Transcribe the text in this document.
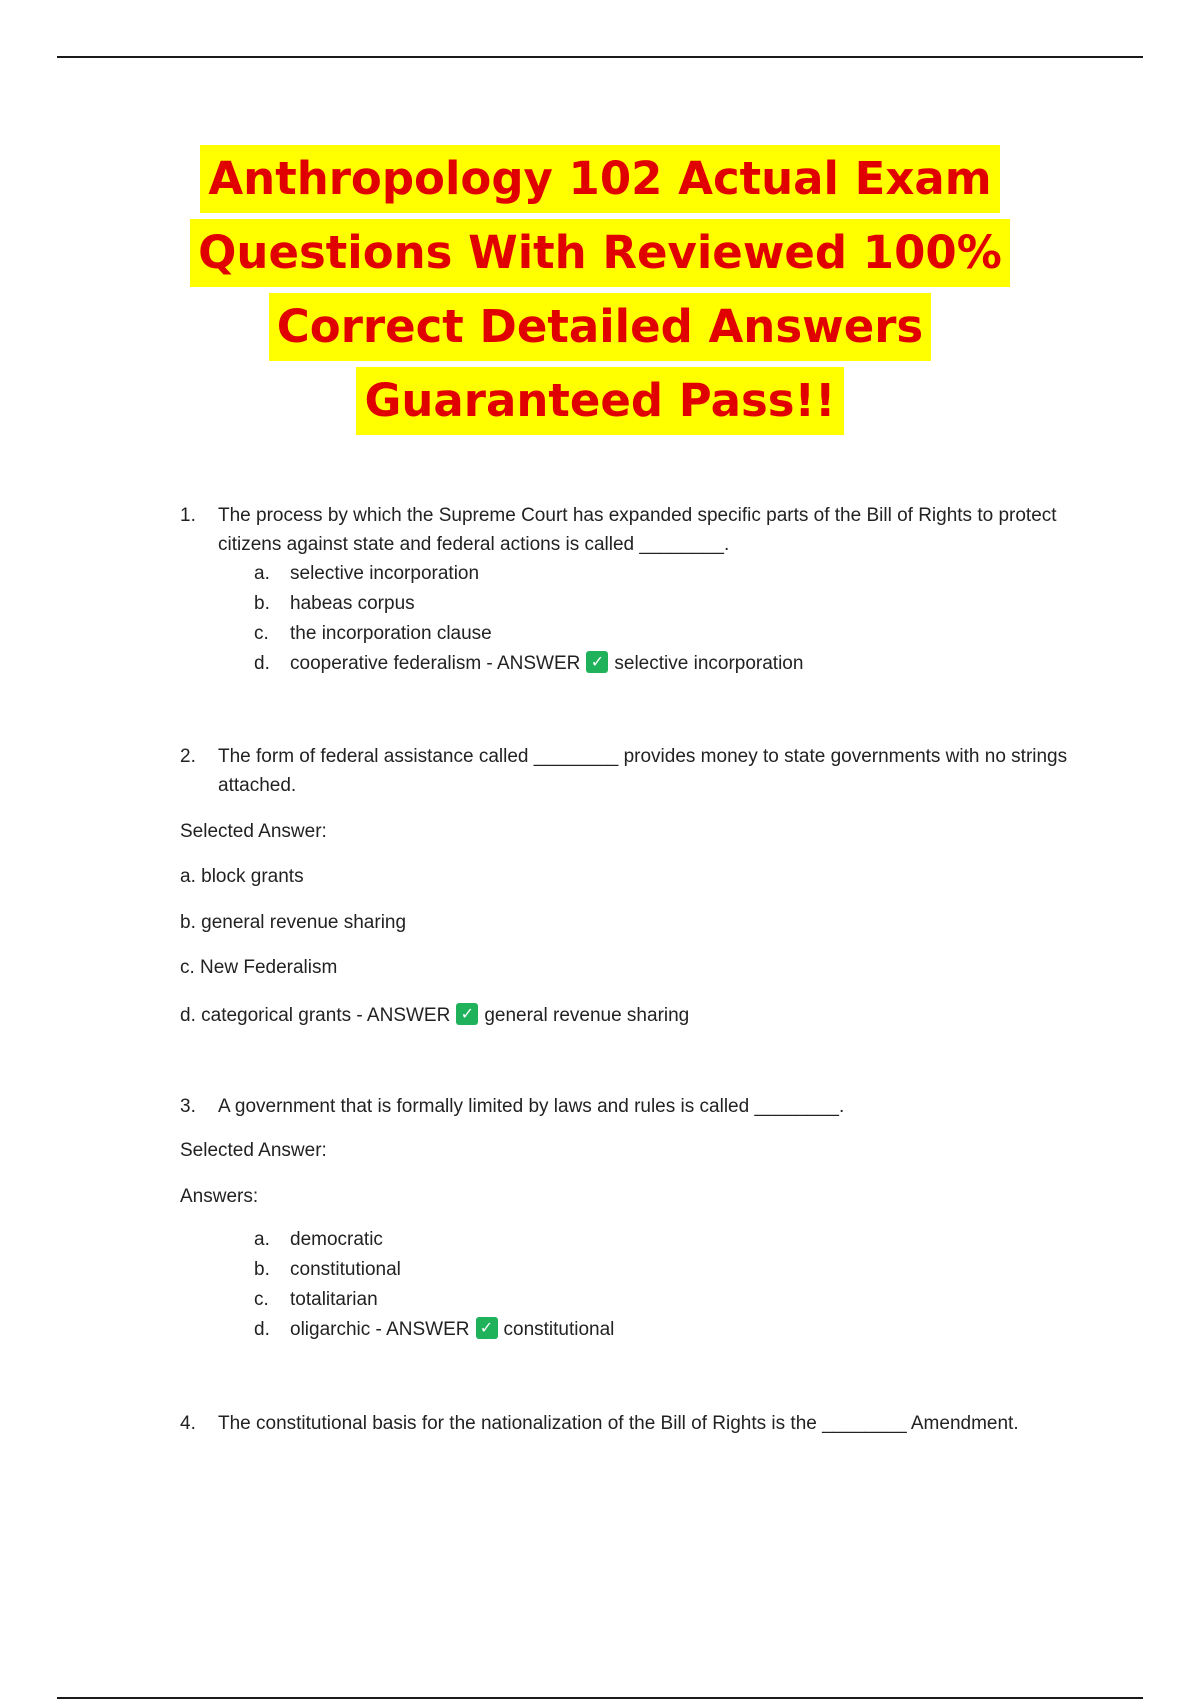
Anthropology 102 Actual Exam
Questions With Reviewed 100%
Correct Detailed Answers
Guaranteed Pass!!
1. The process by which the Supreme Court has expanded specific parts of the Bill of Rights to protect citizens against state and federal actions is called ________.
a. selective incorporation
b. habeas corpus
c. the incorporation clause
d. cooperative federalism - ANSWER ✓ selective incorporation
2. The form of federal assistance called ________ provides money to state governments with no strings attached.
Selected Answer:
a. block grants
b. general revenue sharing
c. New Federalism
d. categorical grants - ANSWER ✓ general revenue sharing
3. A government that is formally limited by laws and rules is called ________.
Selected Answer:
Answers:
a. democratic
b. constitutional
c. totalitarian
d. oligarchic - ANSWER ✓ constitutional
4. The constitutional basis for the nationalization of the Bill of Rights is the ________ Amendment.
